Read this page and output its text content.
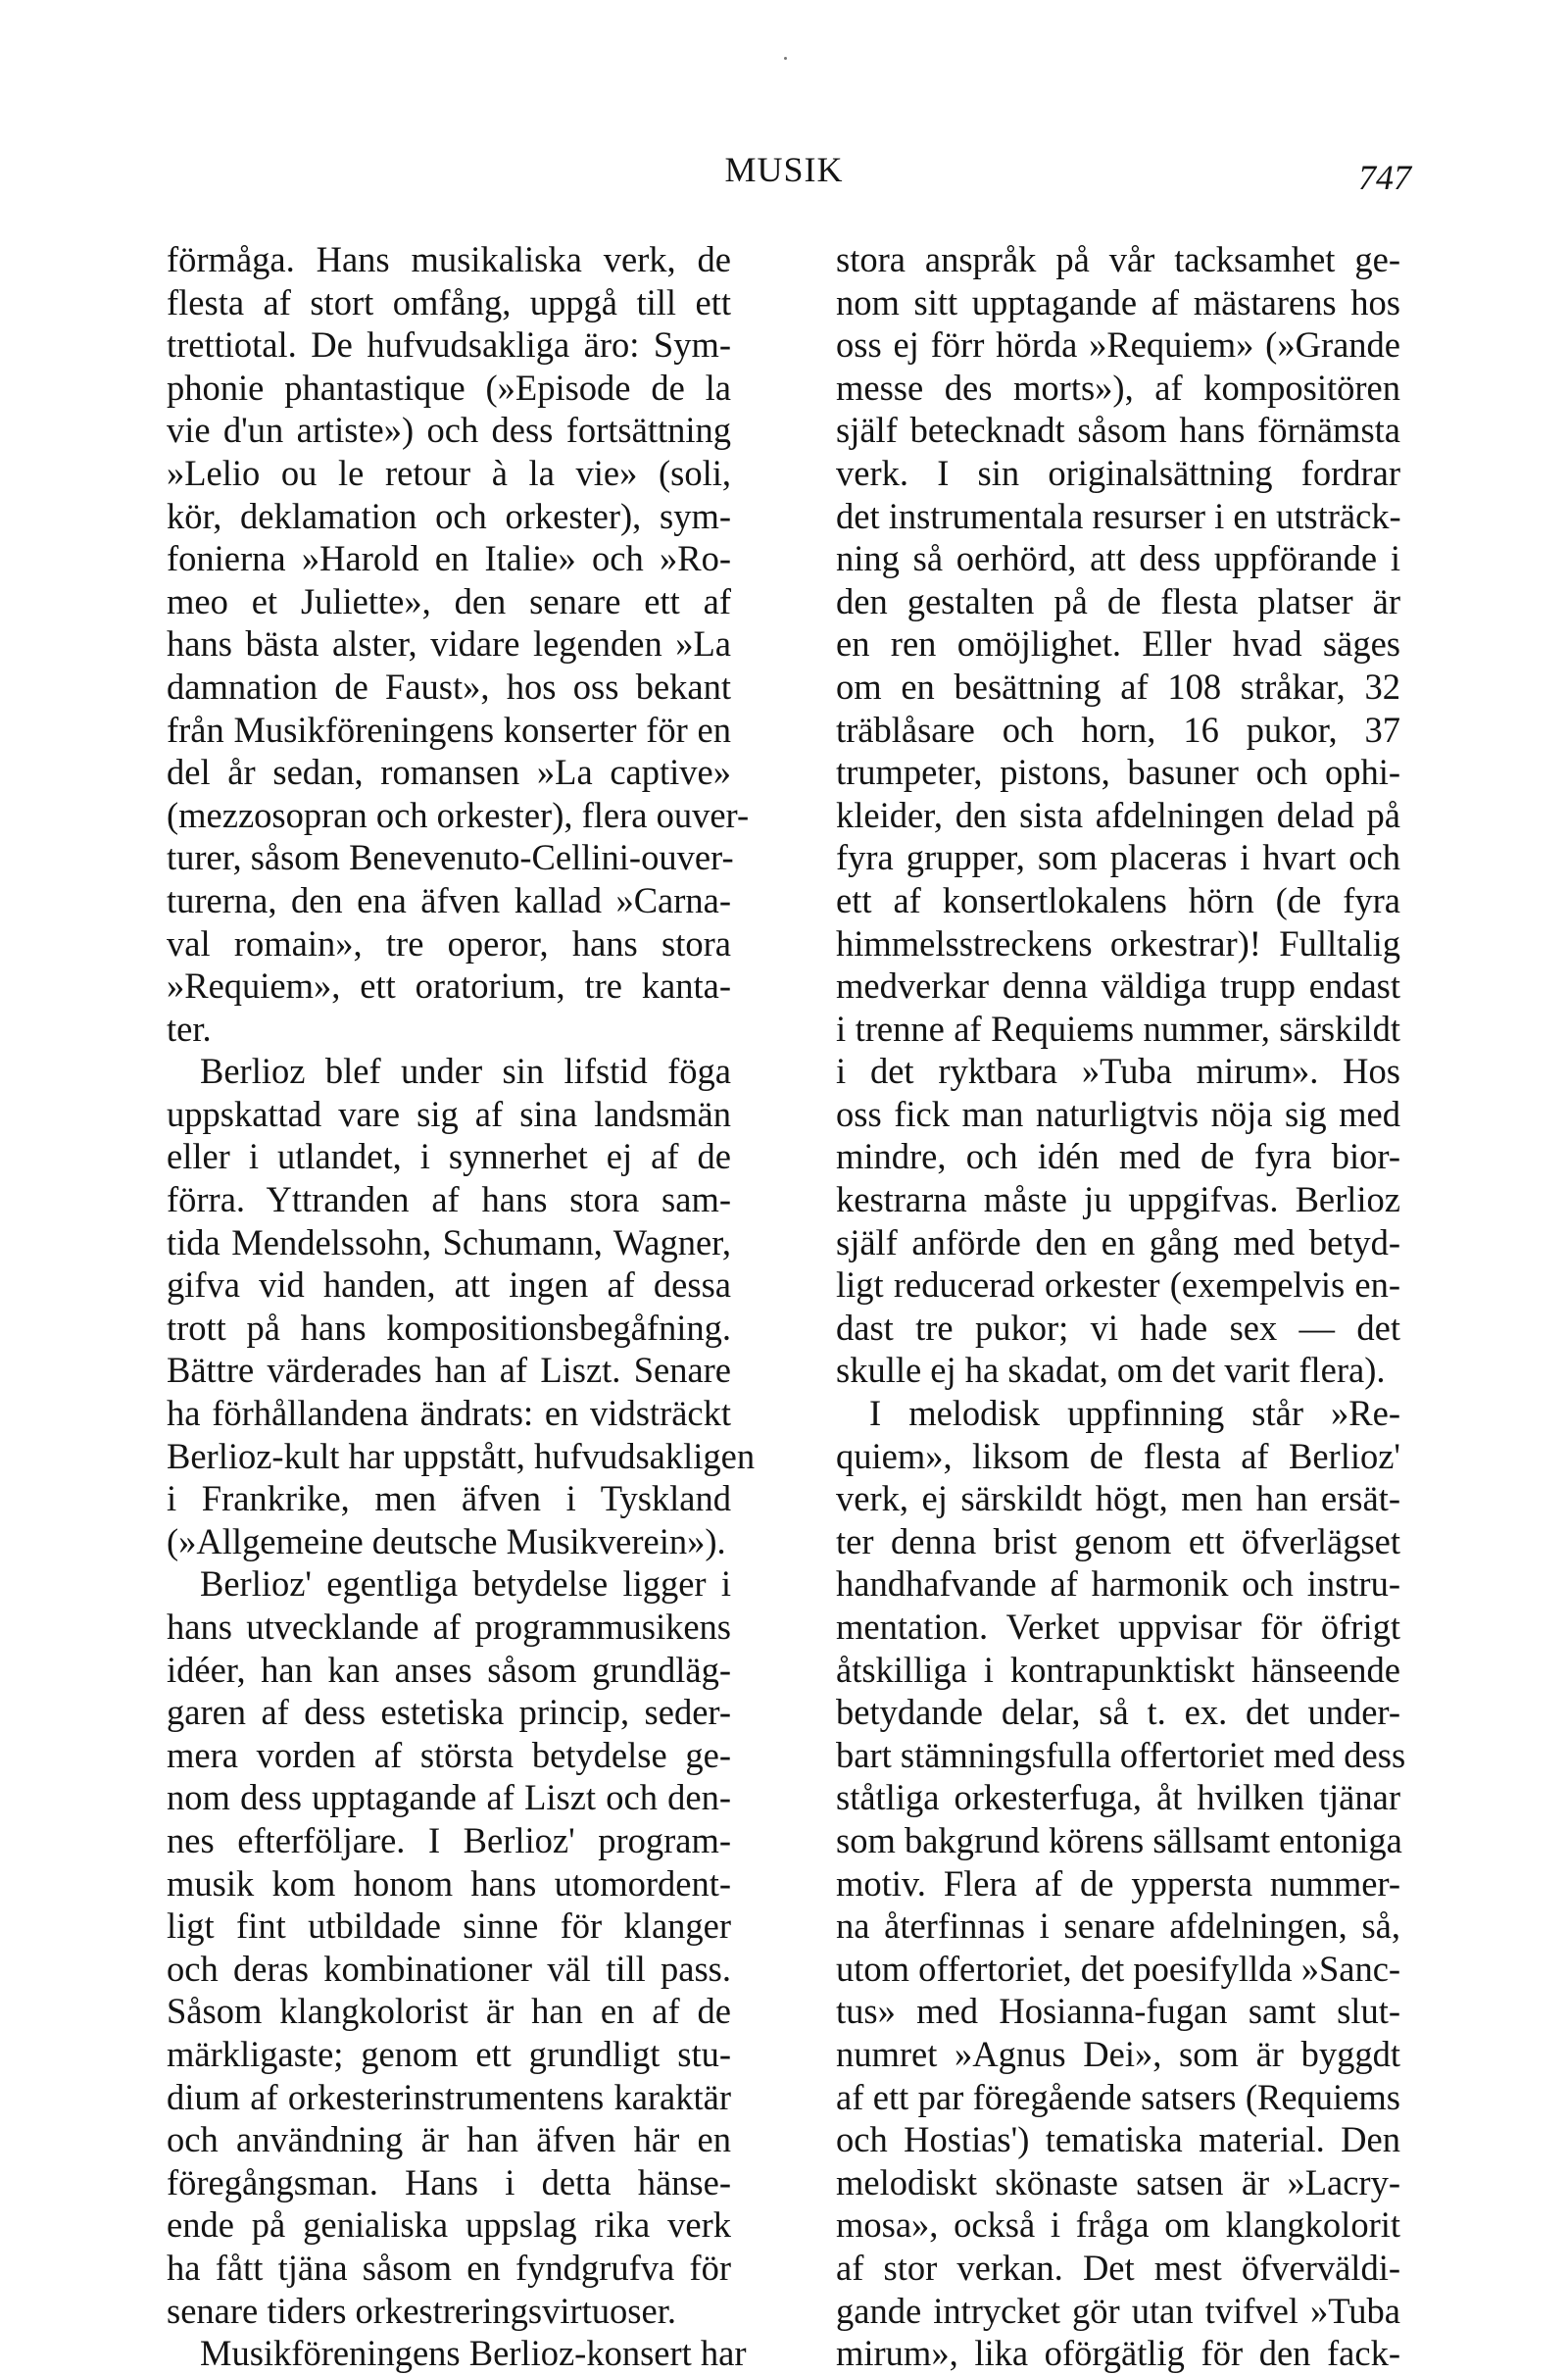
MUSIK	747
förmåga. Hans musikaliska verk, de
flesta af stort omfång, uppgå till ett
trettiotal. De hufvudsakliga äro: Sym-
phonie phantastique (»Episode de la
vie d'un artiste») och dess fortsättning
»Lelio ou le retour à la vie» (soli,
kör, deklamation och orkester), sym-
fonierna »Harold en Italie» och »Ro-
meo et Juliette», den senare ett af
hans bästa alster, vidare legenden »La
damnation de Faust», hos oss bekant
från Musikföreningens konserter för en
del år sedan, romansen »La captive»
(mezzosopran och orkester), flera ouver-
turer, såsom Benevenuto-Cellini-ouver-
turerna, den ena äfven kallad »Carna-
val romain», tre operor, hans stora
»Requiem», ett oratorium, tre kanta-
ter.
Berlioz blef under sin lifstid föga
uppskattad vare sig af sina landsmän
eller i utlandet, i synnerhet ej af de
förra. Yttranden af hans stora sam-
tida Mendelssohn, Schumann, Wagner,
gifva vid handen, att ingen af dessa
trott på hans kompositionsbegåfning.
Bättre värderades han af Liszt. Senare
ha förhållandena ändrats: en vidsträckt
Berlioz-kult har uppstått, hufvudsakligen
i Frankrike, men äfven i Tyskland
(»Allgemeine deutsche Musikverein»).
Berlioz' egentliga betydelse ligger i
hans utvecklande af programmusikens
idéer, han kan anses såsom grundläg-
garen af dess estetiska princip, seder-
mera vorden af största betydelse ge-
nom dess upptagande af Liszt och den-
nes efterföljare. I Berlioz' program-
musik kom honom hans utomordent-
ligt fint utbildade sinne för klanger
och deras kombinationer väl till pass.
Såsom klangkolorist är han en af de
märkligaste; genom ett grundligt stu-
dium af orkesterinstrumentens karaktär
och användning är han äfven här en
föregångsman. Hans i detta hänse-
ende på genialiska uppslag rika verk
ha fått tjäna såsom en fyndgrufva för
senare tiders orkestreringsvirtuoser.
Musikföreningens Berlioz-konsert har
stora anspråk på vår tacksamhet ge-
nom sitt upptagande af mästarens hos
oss ej förr hörda »Requiem» (»Grande
messe des morts»), af kompositören
själf betecknadt såsom hans förnämsta
verk. I sin originalsättning fordrar
det instrumentala resurser i en utsträck-
ning så oerhörd, att dess uppförande i
den gestalten på de flesta platser är
en ren omöjlighet. Eller hvad säges
om en besättning af 108 stråkar, 32
träblåsare och horn, 16 pukor, 37
trumpeter, pistons, basuner och ophi-
kleider, den sista afdelningen delad på
fyra grupper, som placeras i hvart och
ett af konsertlokalens hörn (de fyra
himmelsstreckens orkestrar)! Fulltalig
medverkar denna väldiga trupp endast
i trenne af Requiems nummer, särskildt
i det ryktbara »Tuba mirum». Hos
oss fick man naturligtvis nöja sig med
mindre, och idén med de fyra bior-
kestrarna måste ju uppgifvas. Berlioz
själf anförde den en gång med betyd-
ligt reducerad orkester (exempelvis en-
dast tre pukor; vi hade sex — det
skulle ej ha skadat, om det varit flera).
I melodisk uppfinning står »Re-
quiem», liksom de flesta af Berlioz'
verk, ej särskildt högt, men han ersät-
ter denna brist genom ett öfverlägset
handhafvande af harmonik och instru-
mentation. Verket uppvisar för öfrigt
åtskilliga i kontrapunktiskt hänseende
betydande delar, så t. ex. det under-
bart stämningsfulla offertoriet med dess
ståtliga orkesterfuga, åt hvilken tjänar
som bakgrund körens sällsamt entoniga
motiv. Flera af de yppersta nummer-
na återfinnas i senare afdelningen, så,
utom offertoriet, det poesifyllda »Sanc-
tus» med Hosianna-fugan samt slut-
numret »Agnus Dei», som är byggdt
af ett par föregående satsers (Requiems
och Hostias') tematiska material. Den
melodiskt skönaste satsen är »Lacry-
mosa», också i fråga om klangkolorit
af stor verkan. Det mest öfverväldi-
gande intrycket gör utan tvifvel »Tuba
mirum», lika oförgätlig för den fack-
